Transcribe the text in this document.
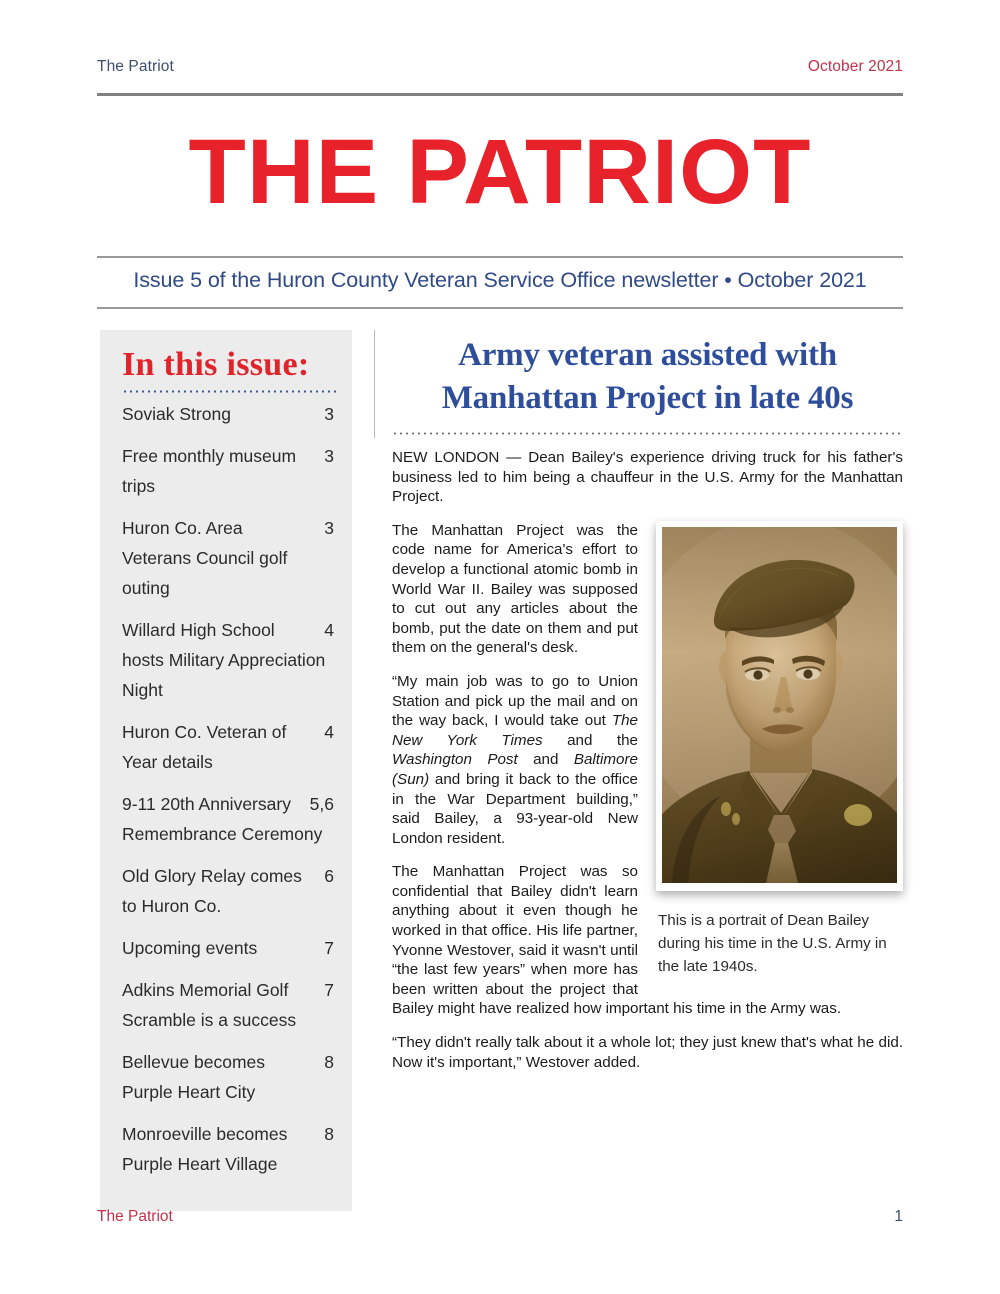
The Patriot	October 2021
THE PATRIOT
Issue 5 of the Huron County Veteran Service Office newsletter • October 2021
In this issue:
3
Soviak Strong
3
Free monthly museum trips
3
Huron Co. Area Veterans Council golf outing
4
Willard High School hosts Military Appreciation Night
4
Huron Co. Veteran of Year details
5,6
9-11 20th Anniversary Remembrance Ceremony
6
Old Glory Relay comes to Huron Co.
7
Upcoming events
7
Adkins Memorial Golf Scramble is a success
8
Bellevue becomes Purple Heart City
8
Monroeville becomes Purple Heart Village
Army veteran assisted with Manhattan Project in late 40s

NEW LONDON — Dean Bailey's experience driving truck for his father's business led to him being a chauffeur in the U.S. Army for the Manhattan Project.

This is a portrait of Dean Bailey during his time in the U.S. Army in the late 1940s.

The Manhattan Project was the code name for America's effort to develop a functional atomic bomb in World War II. Bailey was supposed to cut out any articles about the bomb, put the date on them and put them on the general's desk.

“My main job was to go to Union Station and pick up the mail and on the way back, I would take out The New York Times and the Washington Post and Baltimore (Sun) and bring it back to the office in the War Department building,” said Bailey, a 93-year-old New London resident.

The Manhattan Project was so confidential that Bailey didn't learn anything about it even though he worked in that office. His life partner, Yvonne Westover, said it wasn't until “the last few years” when more has been written about the project that Bailey might have realized how important his time in the Army was.

“They didn't really talk about it a whole lot; they just knew that's what he did. Now it's important,” Westover added.

The Patriot	1
